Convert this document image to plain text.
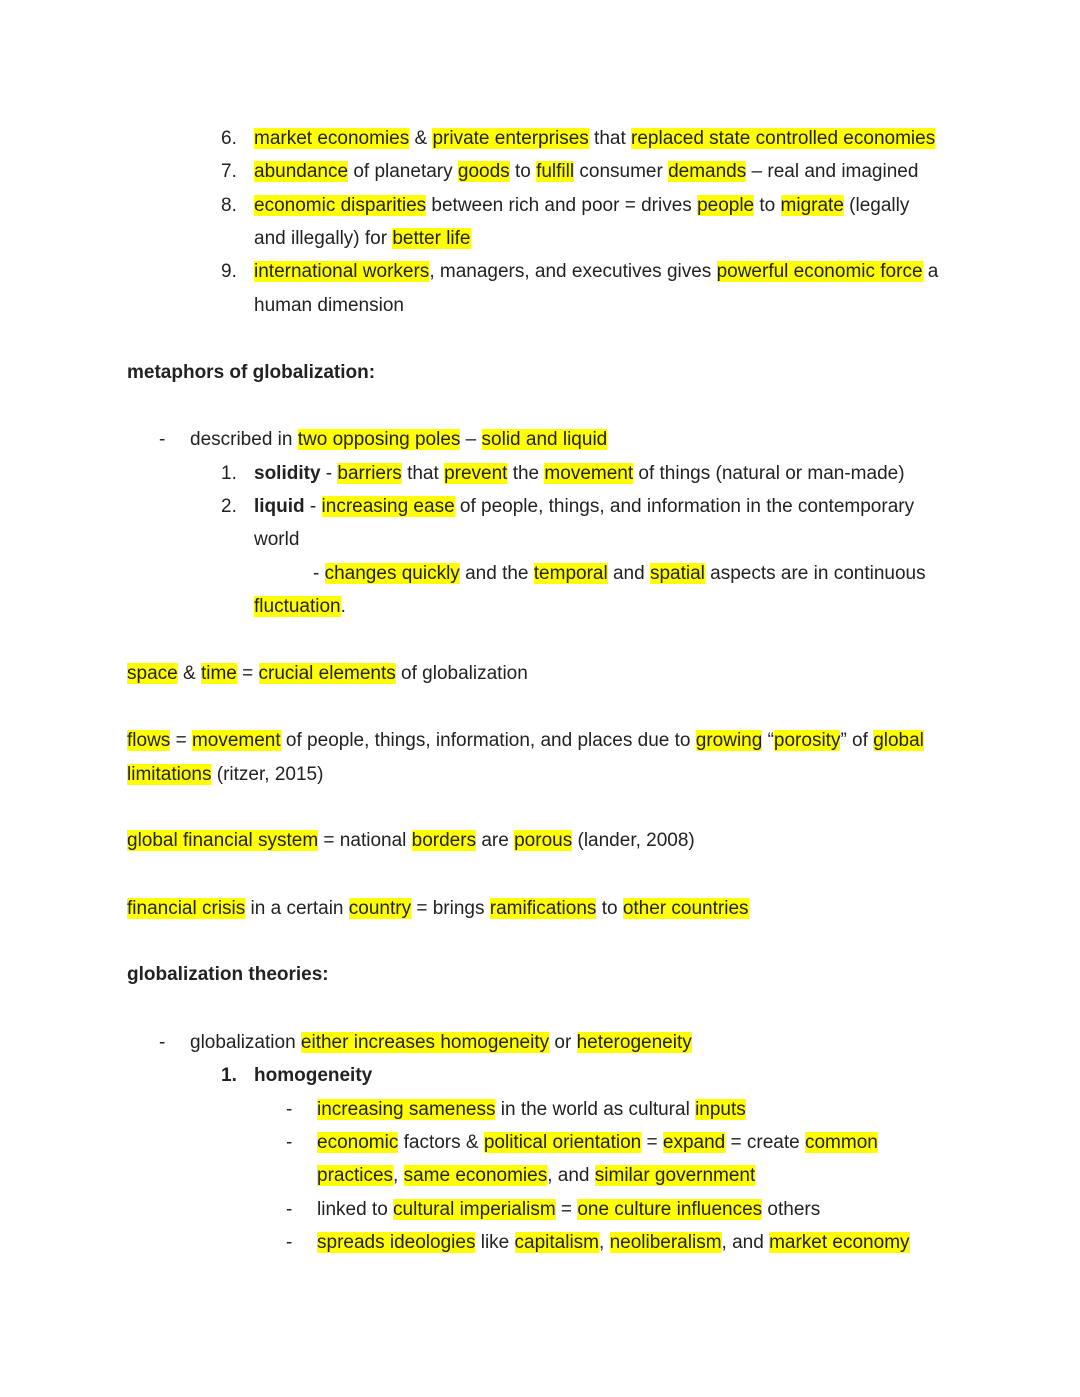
6. market economies & private enterprises that replaced state controlled economies
7. abundance of planetary goods to fulfill consumer demands – real and imagined
8. economic disparities between rich and poor = drives people to migrate (legally
and illegally) for better life
9. international workers, managers, and executives gives powerful economic force a
human dimension
metaphors of globalization:
- described in two opposing poles – solid and liquid
1. solidity - barriers that prevent the movement of things (natural or man-made)
2. liquid - increasing ease of people, things, and information in the contemporary
world
- changes quickly and the temporal and spatial aspects are in continuous
fluctuation.
space & time = crucial elements of globalization
flows = movement of people, things, information, and places due to growing “porosity” of global
limitations (ritzer, 2015)
global financial system = national borders are porous (lander, 2008)
financial crisis in a certain country = brings ramifications to other countries
globalization theories:
- globalization either increases homogeneity or heterogeneity
1. homogeneity
- increasing sameness in the world as cultural inputs
- economic factors & political orientation = expand = create common
practices, same economies, and similar government
- linked to cultural imperialism = one culture influences others
- spreads ideologies like capitalism, neoliberalism, and market economy
